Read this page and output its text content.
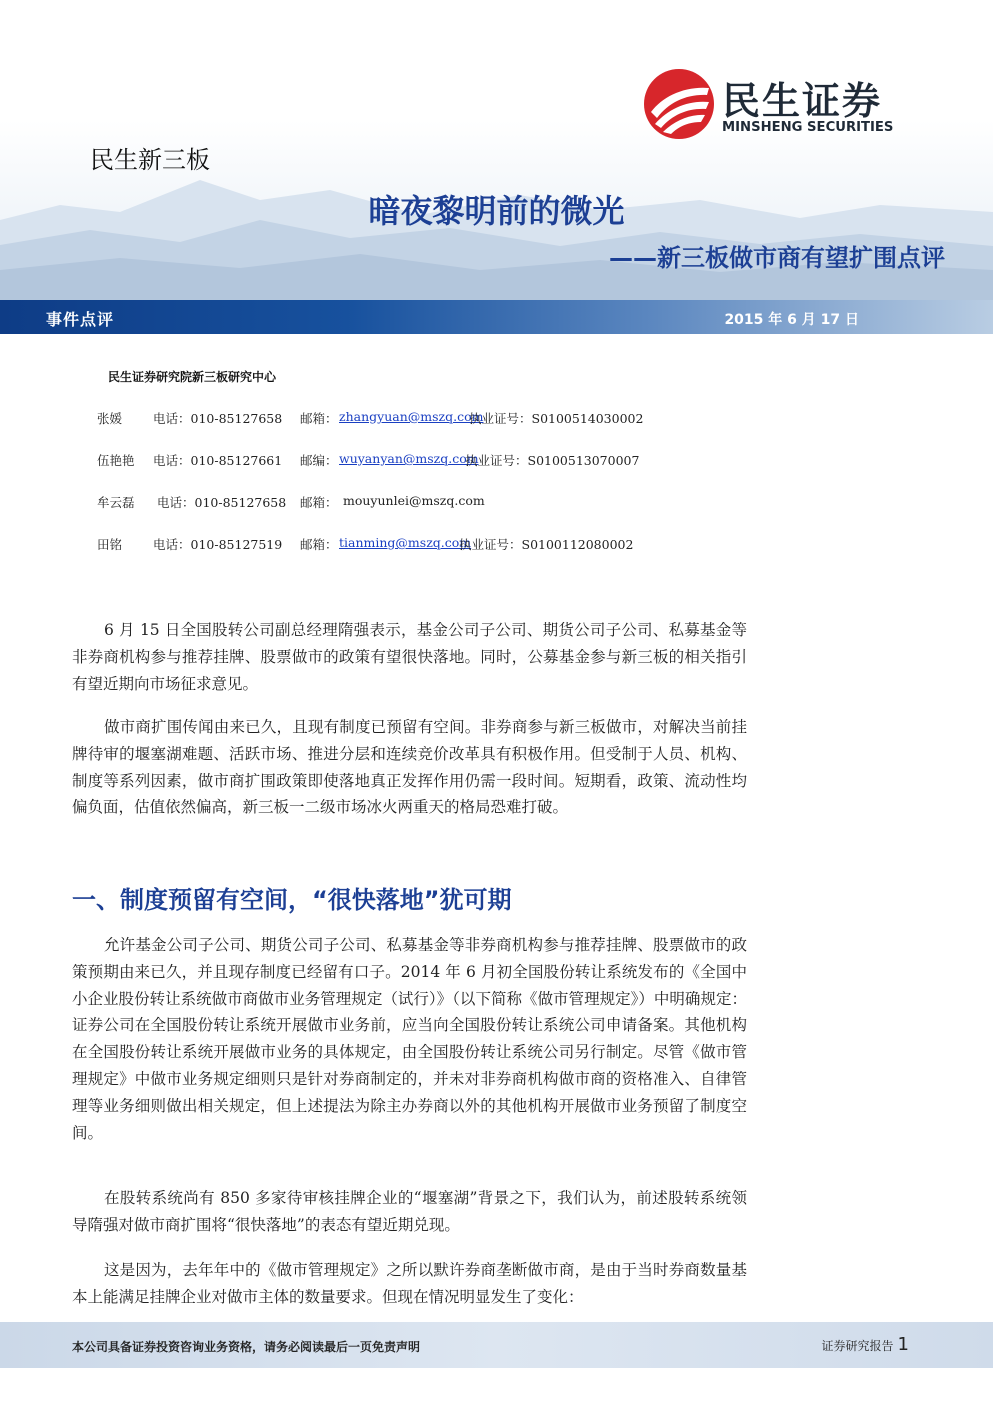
民生证券
MINSHENG SECURITIES
民生新三板
暗夜黎明前的微光
——新三板做市商有望扩围点评
事件点评	2015 年 6 月 17 日
民生证券研究院新三板研究中心
张媛 电话：010-85127658 邮箱： zhangyuan@mszq.com
执业证号：S0100514030002
伍艳艳 电话：010-85127661 邮编： wuyanyan@mszq.com
执业证号：S0100513070007
牟云磊 电话：010-85127658 邮箱： mouyunlei@mszq.com
田铭 电话：010-85127519 邮箱： tianming@mszq.com
执业证号：S0100112080002

6 月 15 日全国股转公司副总经理隋强表示，基金公司子公司、期货公司子公司、私募基金等非券商机构参与推荐挂牌、股票做市的政策有望很快落地。同时，公募基金参与新三板的相关指引有望近期向市场征求意见。

做市商扩围传闻由来已久，且现有制度已预留有空间。非券商参与新三板做市，对解决当前挂牌待审的堰塞湖难题、活跃市场、推进分层和连续竞价改革具有积极作用。但受制于人员、机构、制度等系列因素，做市商扩围政策即使落地真正发挥作用仍需一段时间。短期看，政策、流动性均偏负面，估值依然偏高，新三板一二级市场冰火两重天的格局恐难打破。

一、制度预留有空间，“很快落地”犹可期

允许基金公司子公司、期货公司子公司、私募基金等非券商机构参与推荐挂牌、股票做市的政策预期由来已久，并且现存制度已经留有口子。2014 年 6 月初全国股份转让系统发布的《全国中小企业股份转让系统做市商做市业务管理规定（试行）》（以下简称《做市管理规定》）中明确规定：证券公司在全国股份转让系统开展做市业务前，应当向全国股份转让系统公司申请备案。其他机构在全国股份转让系统开展做市业务的具体规定，由全国股份转让系统公司另行制定。尽管《做市管理规定》中做市业务规定细则只是针对券商制定的，并未对非券商机构做市商的资格准入、自律管理等业务细则做出相关规定，但上述提法为除主办券商以外的其他机构开展做市业务预留了制度空间。

在股转系统尚有 850 多家待审核挂牌企业的“堰塞湖”背景之下，我们认为，前述股转系统领导隋强对做市商扩围将“很快落地”的表态有望近期兑现。

这是因为，去年年中的《做市管理规定》之所以默许券商垄断做市商，是由于当时券商数量基本上能满足挂牌企业对做市主体的数量要求。但现在情况明显发生了变化：

本公司具备证券投资咨询业务资格，请务必阅读最后一页免责声明	证券研究报告 1
